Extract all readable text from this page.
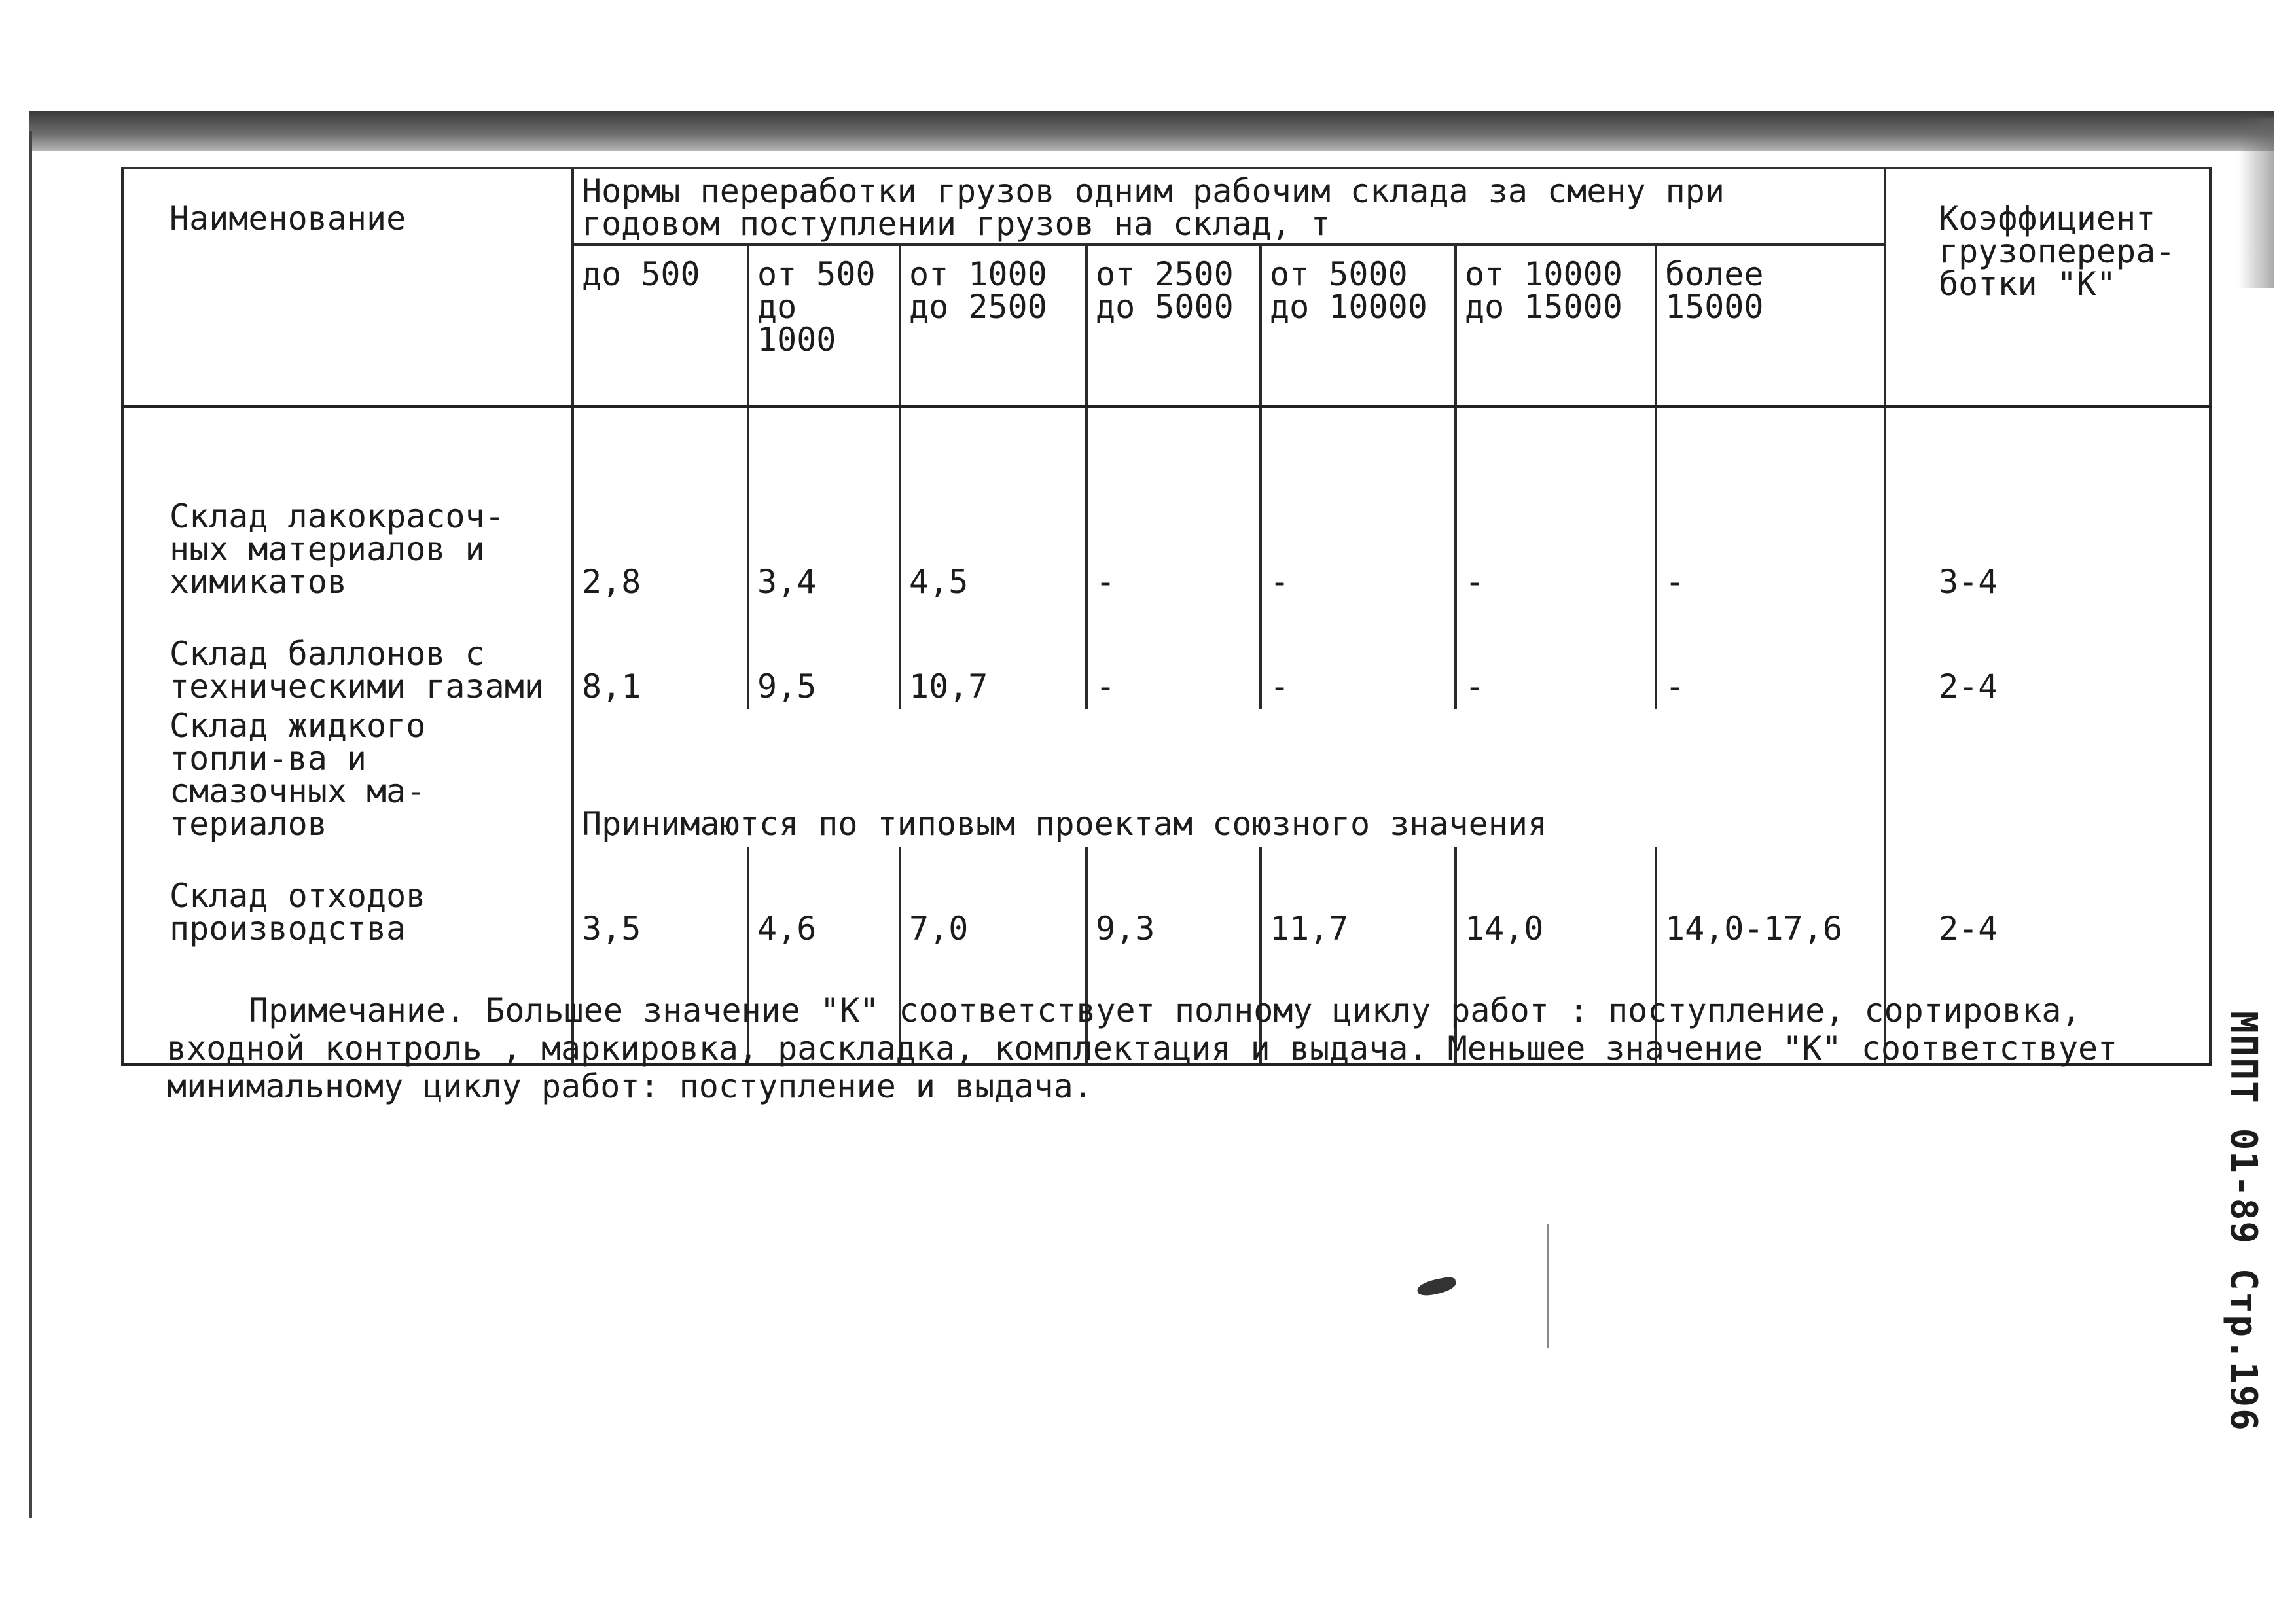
Наименование	Нормы переработки грузов одним рабочим склада за смену при годовом поступлении грузов на склад, т							Коэффициент грузоперера-ботки "К"
	до 500	от 500 до 1000	от 1000 до 2500	от 2500 до 5000	от 5000 до 10000	от 10000 до 15000	более 15000	
Склад лакокрасоч-ных материалов и химикатов	2,8	3,4	4,5	-	-	-	-	3-4
Склад баллонов с техническими газами	8,1	9,5	10,7	-	-	-	-	2-4
Склад жидкого топли-ва и смазочных ма-териалов	Принимаются по типовым проектам союзного значения							
Склад отходов производства	3,5	4,6	7,0	9,3	11,7	14,0	14,0-17,6	2-4

Примечание. Большее значение "К" соответствует полному циклу работ : поступление, сортировка, входной контроль , маркировка, раскладка, комплектация и выдача. Меньшее значение "К" соответствует минимальному циклу работ: поступление и выдача.	МППТ 01-89 Стр.196
